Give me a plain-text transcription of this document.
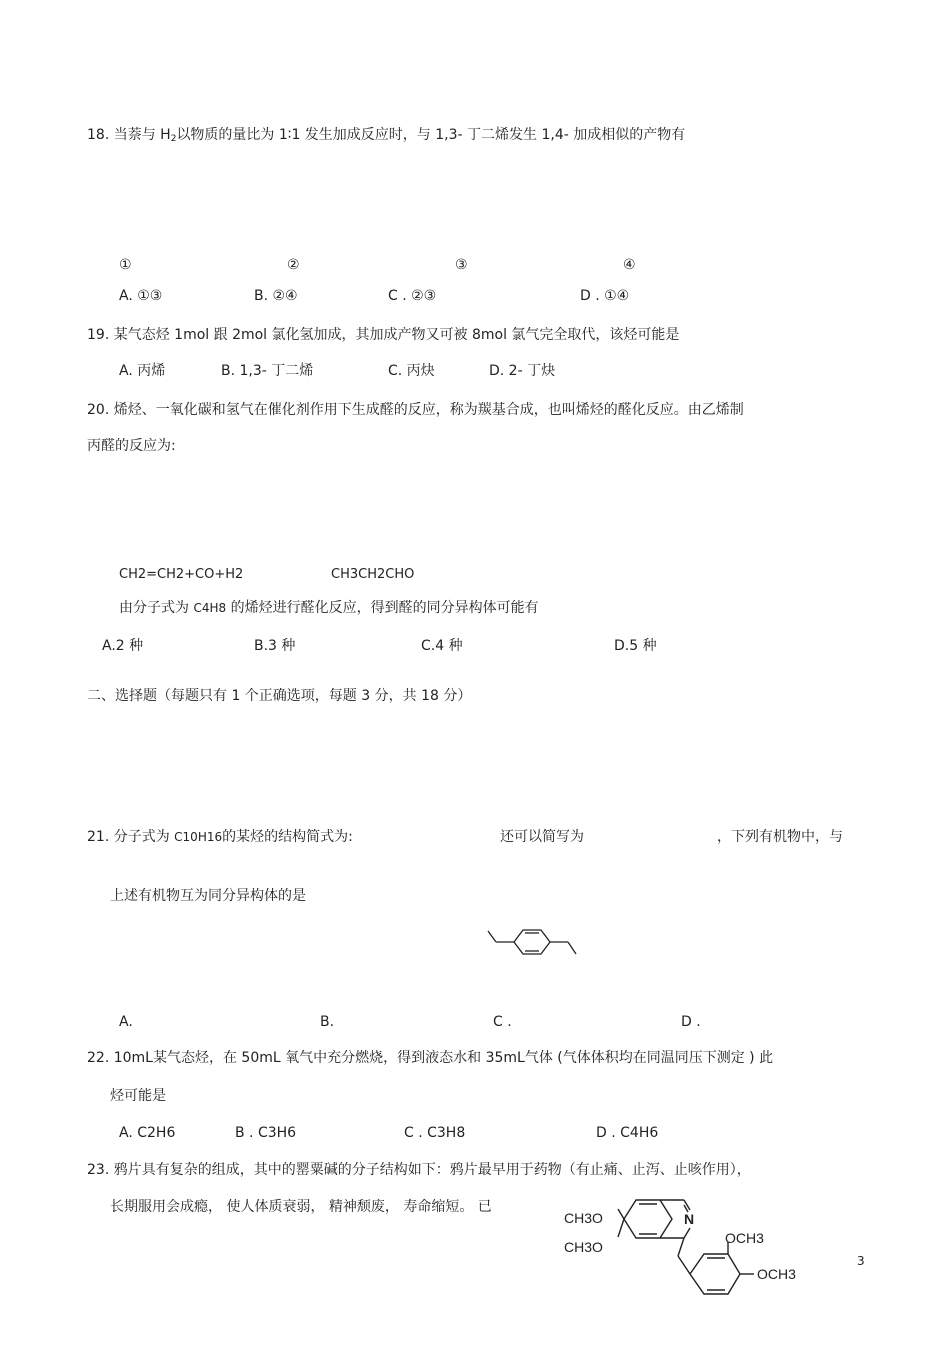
18. 当萘与 $H_2$以物质的量比为 1∶1 发生加成反应时，与 1,3- 丁二烯发生 1,4- 加成相似的产物有
①	②	③	④
A. ①③	B. ②④	C . ②③	D . ①④
19. 某气态烃 1mol 跟 2mol 氯化氢加成，其加成产物又可被 8mol 氯气完全取代，该烃可能是
A. 丙烯	B. 1,3- 丁二烯	C. 丙炔	D. 2- 丁炔
20. 烯烃、一氧化碳和氢气在催化剂作用下生成醛的反应，称为羰基合成，也叫烯烃的醛化反应。由乙烯制
丙醛的反应为:
CH2=CH2+CO+H2	CH3CH2CHO
由分子式为 C4H8 的烯烃进行醛化反应，得到醛的同分异构体可能有
A.2 种	B.3 种	C.4 种	D.5 种
二、选择题（每题只有 1 个正确选项，每题 3 分，共 18 分）
21. 分子式为 C10H16的某烃的结构简式为:	还可以简写为	，下列有机物中，与
上述有机物互为同分异构体的是
A.	B.	C .	D .
22. 10mL某气态烃，在 50mL 氧气中充分燃烧，得到液态水和 35mL气体 (气体体积均在同温同压下测定 ) 此
烃可能是
A. C2H6	B . C3H6	C . C3H8	D . C4H6
23. 鸦片具有复杂的组成，其中的罂粟碱的分子结构如下：鸦片最早用于药物（有止痛、止泻、止咳作用），
长期服用会成瘾， 使人体质衰弱， 精神颓废， 寿命缩短。 已
CH3O
CH3O
N
OCH3
OCH3
3
